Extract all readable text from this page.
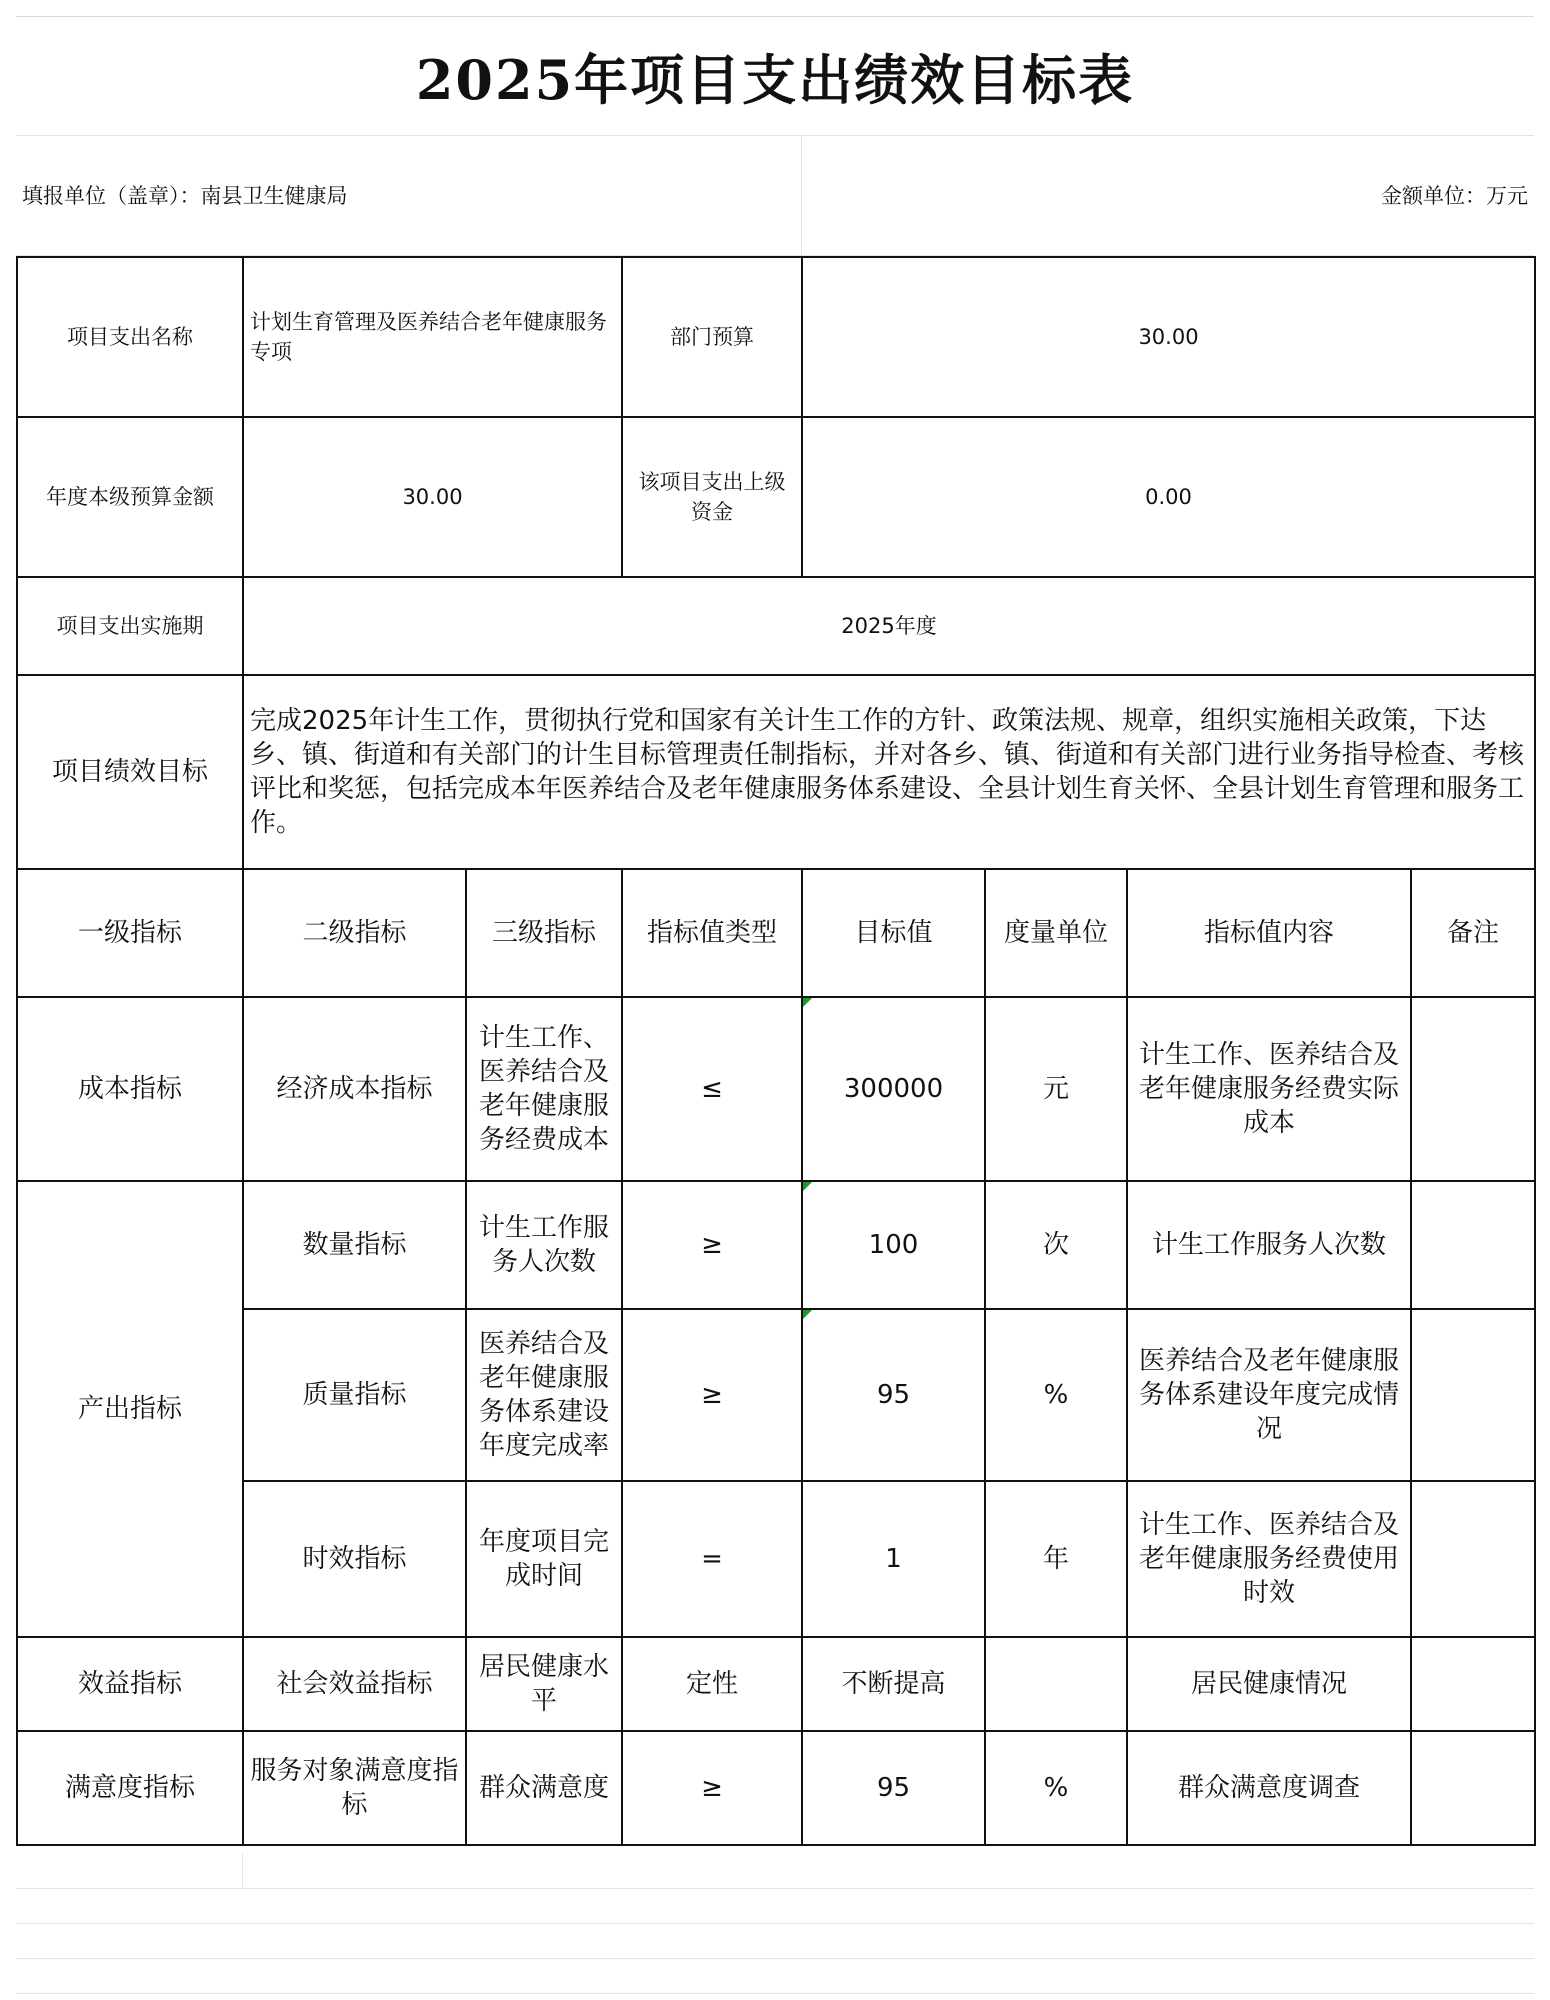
2025年项目支出绩效目标表
填报单位（盖章）：南县卫生健康局	金额单位：万元
项目支出名称	计划生育管理及医养结合老年健康服务专项		部门预算	30.00			
年度本级预算金额	30.00		该项目支出上级资金	0.00			
项目支出实施期	2025年度						
项目绩效目标	完成2025年计生工作，贯彻执行党和国家有关计生工作的方针、政策法规、规章，组织实施相关政策，下达乡、镇、街道和有关部门的计生目标管理责任制指标，并对各乡、镇、街道和有关部门进行业务指导检查、考核评比和奖惩，包括完成本年医养结合及老年健康服务体系建设、全县计划生育关怀、全县计划生育管理和服务工作。						
一级指标	二级指标	三级指标	指标值类型	目标值	度量单位	指标值内容	备注
成本指标	经济成本指标	计生工作、医养结合及老年健康服务经费成本	≤	300000	元	计生工作、医养结合及老年健康服务经费实际成本	
产出指标	数量指标	计生工作服务人次数	≥	100	次	计生工作服务人次数	
	质量指标	医养结合及老年健康服务体系建设年度完成率	≥	95	%	医养结合及老年健康服务体系建设年度完成情况	
	时效指标	年度项目完成时间	=	1	年	计生工作、医养结合及老年健康服务经费使用时效	
效益指标	社会效益指标	居民健康水平	定性	不断提高		居民健康情况	
满意度指标	服务对象满意度指标	群众满意度	≥	95	%	群众满意度调查	
